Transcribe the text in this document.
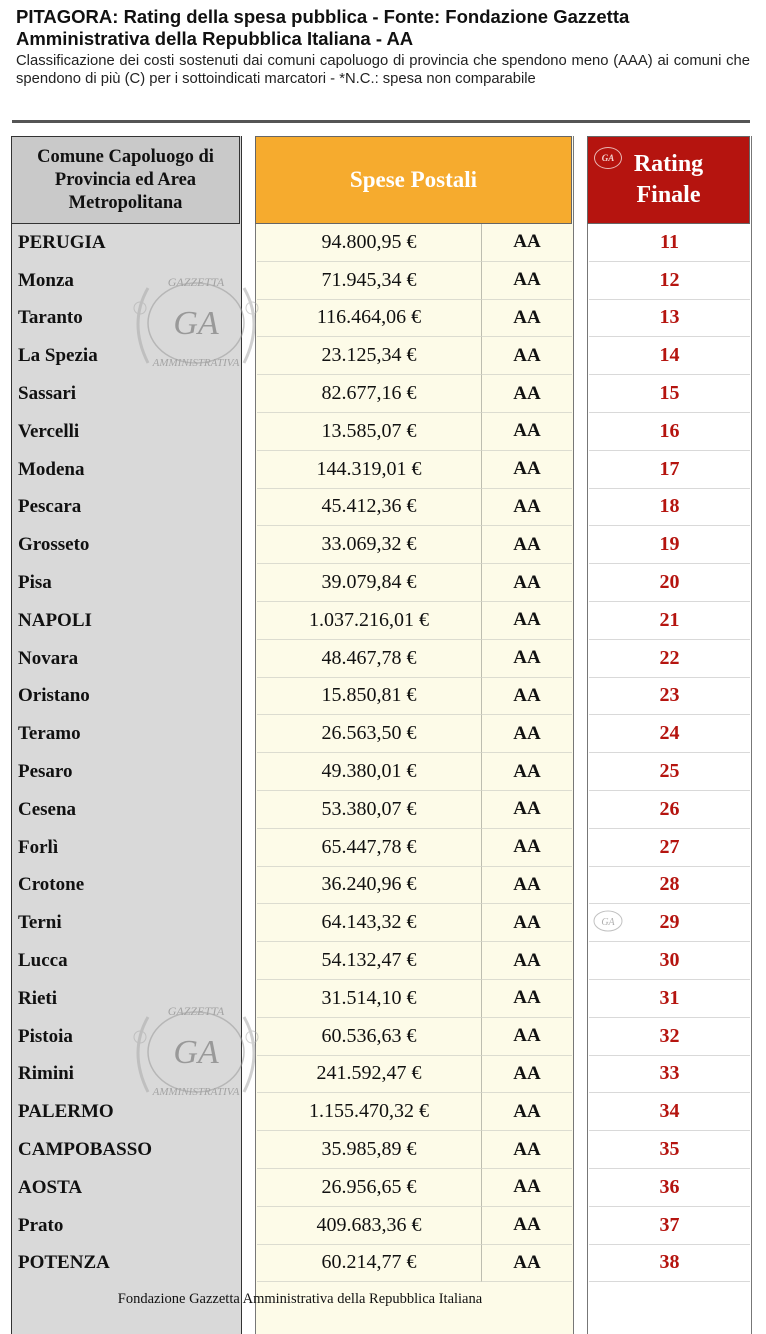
PITAGORA: Rating della spesa pubblica - Fonte: Fondazione Gazzetta Amministrativa della Repubblica Italiana - AA

Classificazione dei costi sostenuti dai comuni capoluogo di provincia che spendono meno (AAA) ai comuni che spendono di più (C) per i sottoindicati marcatori - *N.C.: spesa non comparabile

Comune Capoluogo di Provincia ed Area Metropolitana
Spese Postali
GA Rating Finale
PERUGIA	94.800,95 €	AA	11
Monza	71.945,34 €	AA	12
Taranto	116.464,06 €	AA	13
La Spezia	23.125,34 €	AA	14
Sassari	82.677,16 €	AA	15
Vercelli	13.585,07 €	AA	16
Modena	144.319,01 €	AA	17
Pescara	45.412,36 €	AA	18
Grosseto	33.069,32 €	AA	19
Pisa	39.079,84 €	AA	20
NAPOLI	1.037.216,01 €	AA	21
Novara	48.467,78 €	AA	22
Oristano	15.850,81 €	AA	23
Teramo	26.563,50 €	AA	24
Pesaro	49.380,01 €	AA	25
Cesena	53.380,07 €	AA	26
Forlì	65.447,78 €	AA	27
Crotone	36.240,96 €	AA	28
Terni	64.143,32 €	AA	29
Lucca	54.132,47 €	AA	30
Rieti	31.514,10 €	AA	31
Pistoia	60.536,63 €	AA	32
Rimini	241.592,47 €	AA	33
PALERMO	1.155.470,32 €	AA	34
CAMPOBASSO	35.985,89 €	AA	35
AOSTA	26.956,65 €	AA	36
Prato	409.683,36 €	AA	37
POTENZA	60.214,77 €	AA	38
GAZZETTA
GA
AMMINISTRATIVA
GAZZETTA
GA
AMMINISTRATIVA
GA
Fondazione Gazzetta Amministrativa della Repubblica Italiana
